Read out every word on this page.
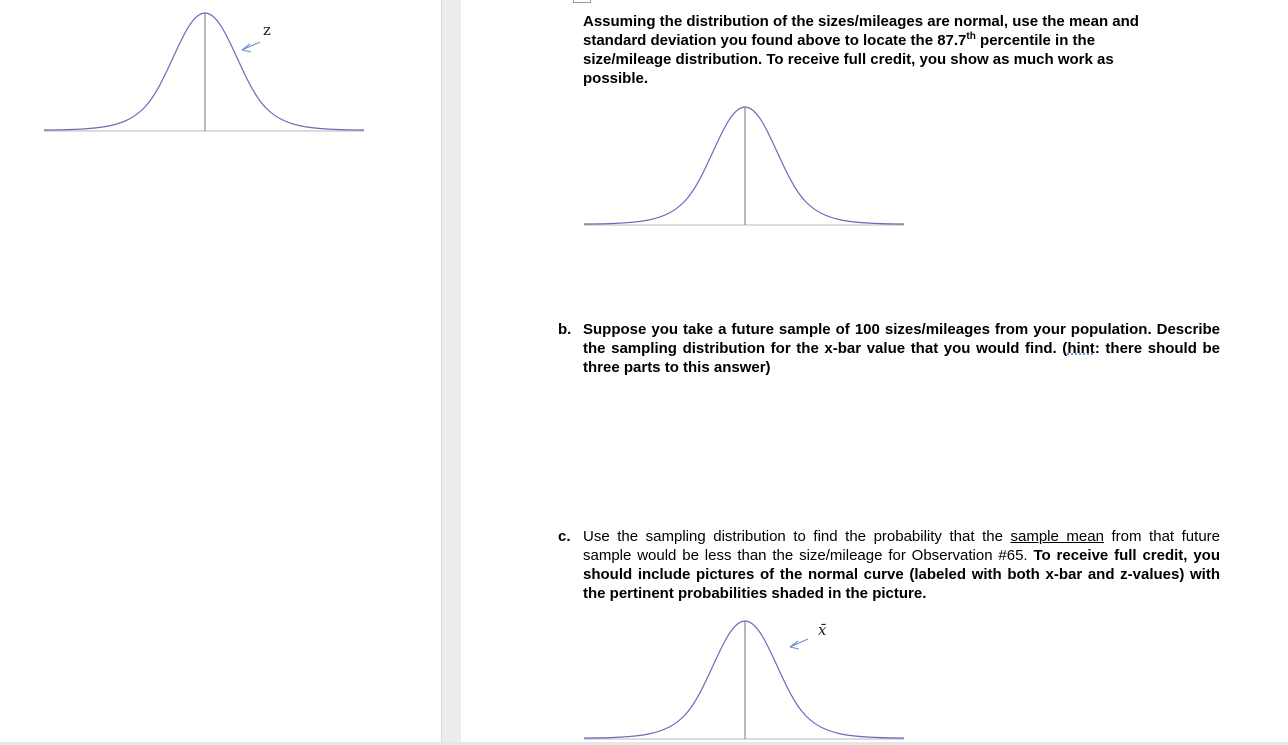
z	Assuming the distribution of the sizes/mileages are normal, use the mean and
standard deviation you found above to locate the 87.7th percentile in the
size/mileage distribution. To receive full credit, you show as much work as
possible.
b. Suppose you take a future sample of 100 sizes/mileages from your population. Describe the sampling distribution for the x-bar value that you would find. (hint: there should be three parts to this answer)
c. Use the sampling distribution to find the probability that the sample mean from that future sample would be less than the size/mileage for Observation #65. To receive full credit, you should include pictures of the normal curve (labeled with both x-bar and z-values) with the pertinent probabilities shaded in the picture.
x̄
